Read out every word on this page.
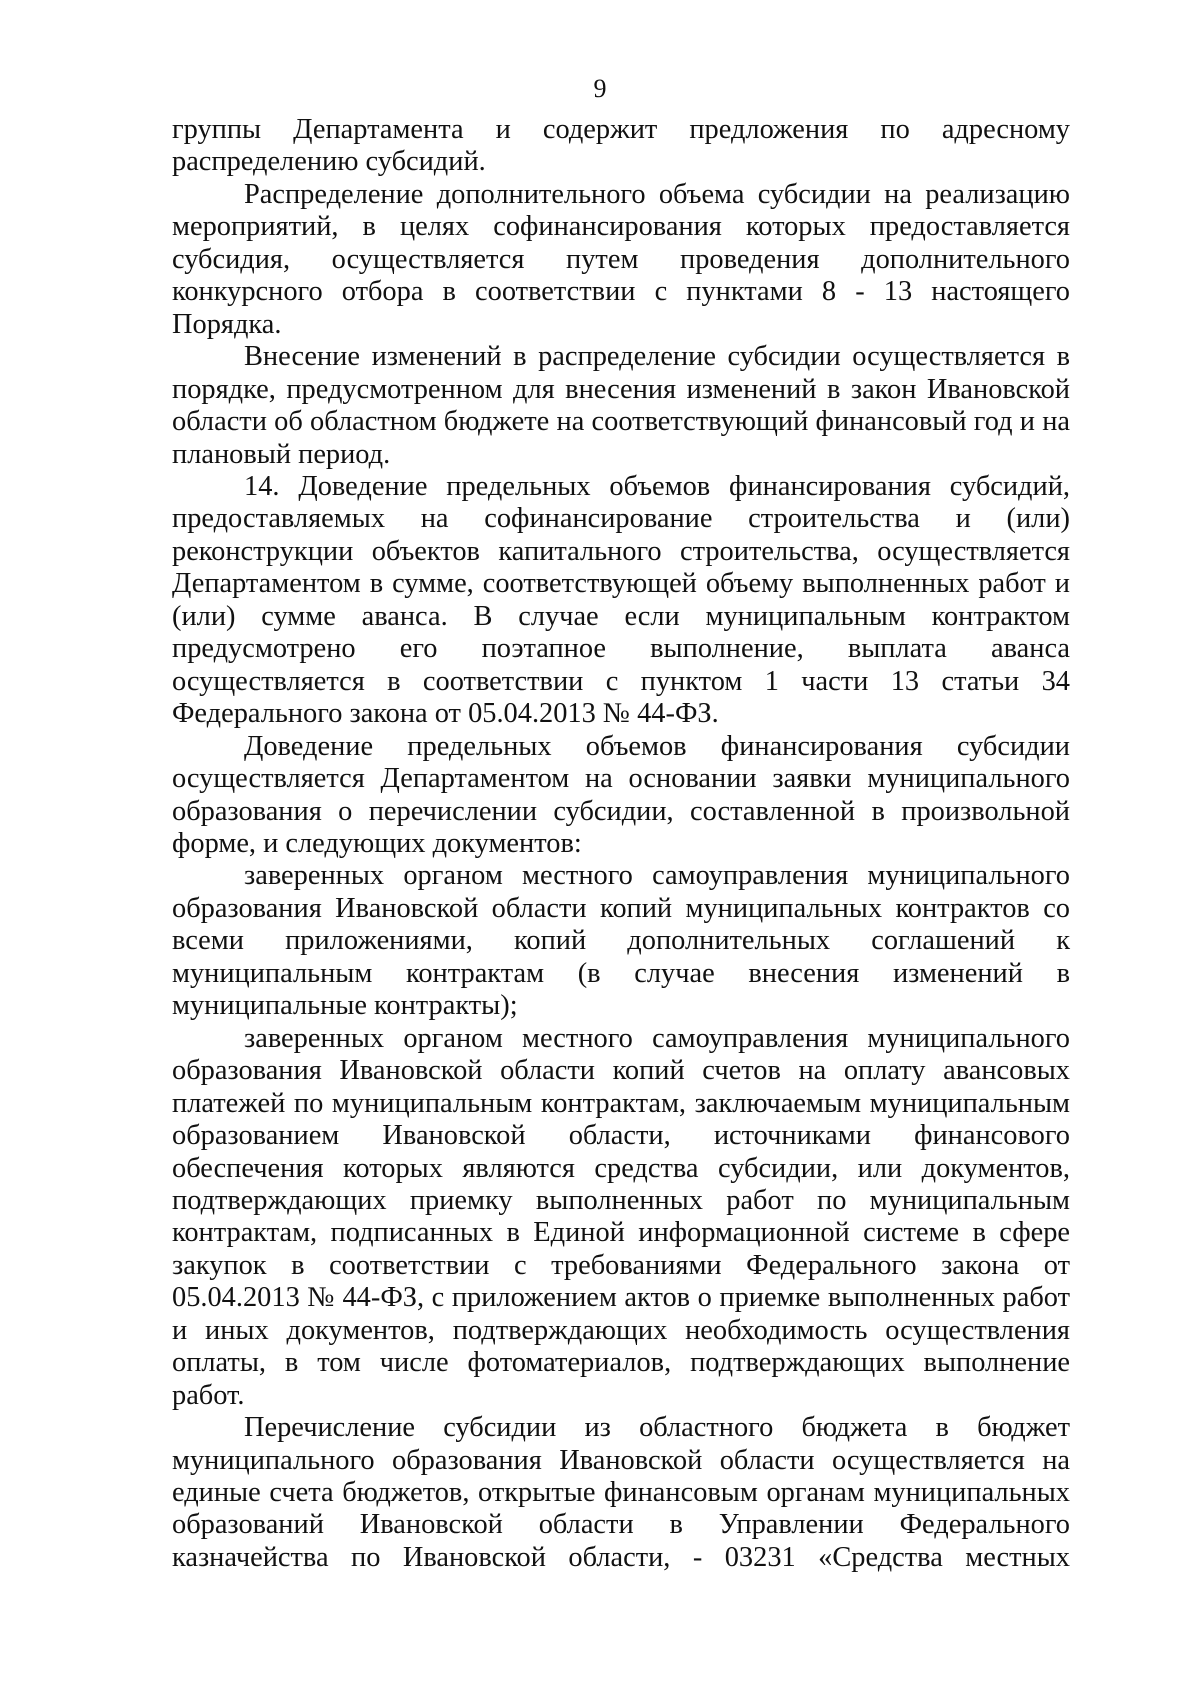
9

группы Департамента и содержит предложения по адресному распределению субсидий.

Распределение дополнительного объема субсидии на реализацию мероприятий, в целях софинансирования которых предоставляется субсидия, осуществляется путем проведения дополнительного конкурсного отбора в соответствии с пунктами 8 - 13 настоящего Порядка.

Внесение изменений в распределение субсидии осуществляется в порядке, предусмотренном для внесения изменений в закон Ивановской области об областном бюджете на соответствующий финансовый год и на плановый период.

14. Доведение предельных объемов финансирования субсидий, предоставляемых на софинансирование строительства и (или) реконструкции объектов капитального строительства, осуществляется Департаментом в сумме, соответствующей объему выполненных работ и (или) сумме аванса. В случае если муниципальным контрактом предусмотрено его поэтапное выполнение, выплата аванса осуществляется в соответствии с пунктом 1 части 13 статьи 34 Федерального закона от 05.04.2013 № 44-ФЗ.

Доведение предельных объемов финансирования субсидии осуществляется Департаментом на основании заявки муниципального образования о перечислении субсидии, составленной в произвольной форме, и следующих документов:

заверенных органом местного самоуправления муниципального образования Ивановской области копий муниципальных контрактов со всеми приложениями, копий дополнительных соглашений к муниципальным контрактам (в случае внесения изменений в муниципальные контракты);

заверенных органом местного самоуправления муниципального образования Ивановской области копий счетов на оплату авансовых платежей по муниципальным контрактам, заключаемым муниципальным образованием Ивановской области, источниками финансового обеспечения которых являются средства субсидии, или документов, подтверждающих приемку выполненных работ по муниципальным контрактам, подписанных в Единой информационной системе в сфере закупок в соответствии с требованиями Федерального закона от 05.04.2013 № 44-ФЗ, с приложением актов о приемке выполненных работ и иных документов, подтверждающих необходимость осуществления оплаты, в том числе фотоматериалов, подтверждающих выполнение работ.

Перечисление субсидии из областного бюджета в бюджет муниципального образования Ивановской области осуществляется на единые счета бюджетов, открытые финансовым органам муниципальных образований Ивановской области в Управлении Федерального казначейства по Ивановской области, - 03231 «Средства местных
